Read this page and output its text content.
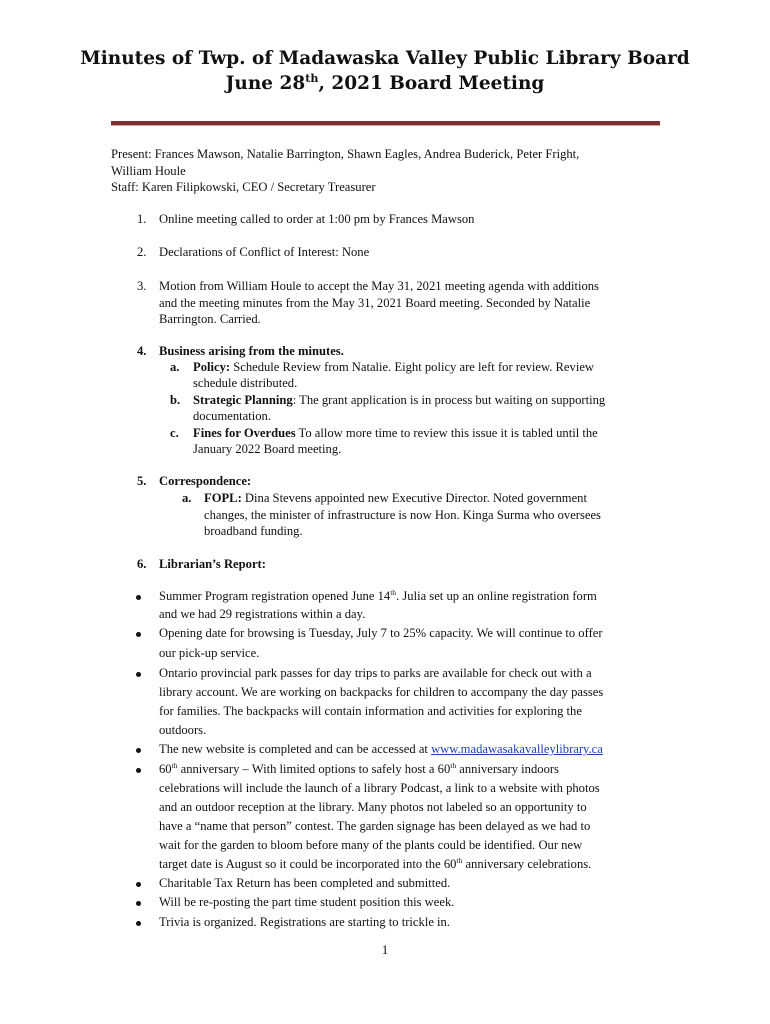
Minutes of Twp. of Madawaska Valley Public Library Board
June 28th, 2021 Board Meeting
Present: Frances Mawson, Natalie Barrington, Shawn Eagles, Andrea Buderick, Peter Fright,
William Houle
Staff: Karen Filipkowski, CEO / Secretary Treasurer
1. Online meeting called to order at 1:00 pm by Frances Mawson
2. Declarations of Conflict of Interest: None
3. Motion from William Houle to accept the May 31, 2021 meeting agenda with additions
and the meeting minutes from the May 31, 2021 Board meeting. Seconded by Natalie
Barrington. Carried.
4. Business arising from the minutes.
a. Policy: Schedule Review from Natalie. Eight policy are left for review. Review
schedule distributed.
b. Strategic Planning: The grant application is in process but waiting on supporting
documentation.
c. Fines for Overdues To allow more time to review this issue it is tabled until the
January 2022 Board meeting.
5. Correspondence:
a. FOPL: Dina Stevens appointed new Executive Director. Noted government
changes, the minister of infrastructure is now Hon. Kinga Surma who oversees
broadband funding.
6. Librarian’s Report:
Summer Program registration opened June 14th. Julia set up an online registration form
and we had 29 registrations within a day.
Opening date for browsing is Tuesday, July 7 to 25% capacity. We will continue to offer
our pick-up service.
Ontario provincial park passes for day trips to parks are available for check out with a
library account. We are working on backpacks for children to accompany the day passes
for families. The backpacks will contain information and activities for exploring the
outdoors.
The new website is completed and can be accessed at www.madawasakavalleylibrary.ca
60th anniversary – With limited options to safely host a 60th anniversary indoors
celebrations will include the launch of a library Podcast, a link to a website with photos
and an outdoor reception at the library. Many photos not labeled so an opportunity to
have a “name that person” contest. The garden signage has been delayed as we had to
wait for the garden to bloom before many of the plants could be identified. Our new
target date is August so it could be incorporated into the 60th anniversary celebrations.
Charitable Tax Return has been completed and submitted.
Will be re-posting the part time student position this week.
Trivia is organized. Registrations are starting to trickle in.
1
